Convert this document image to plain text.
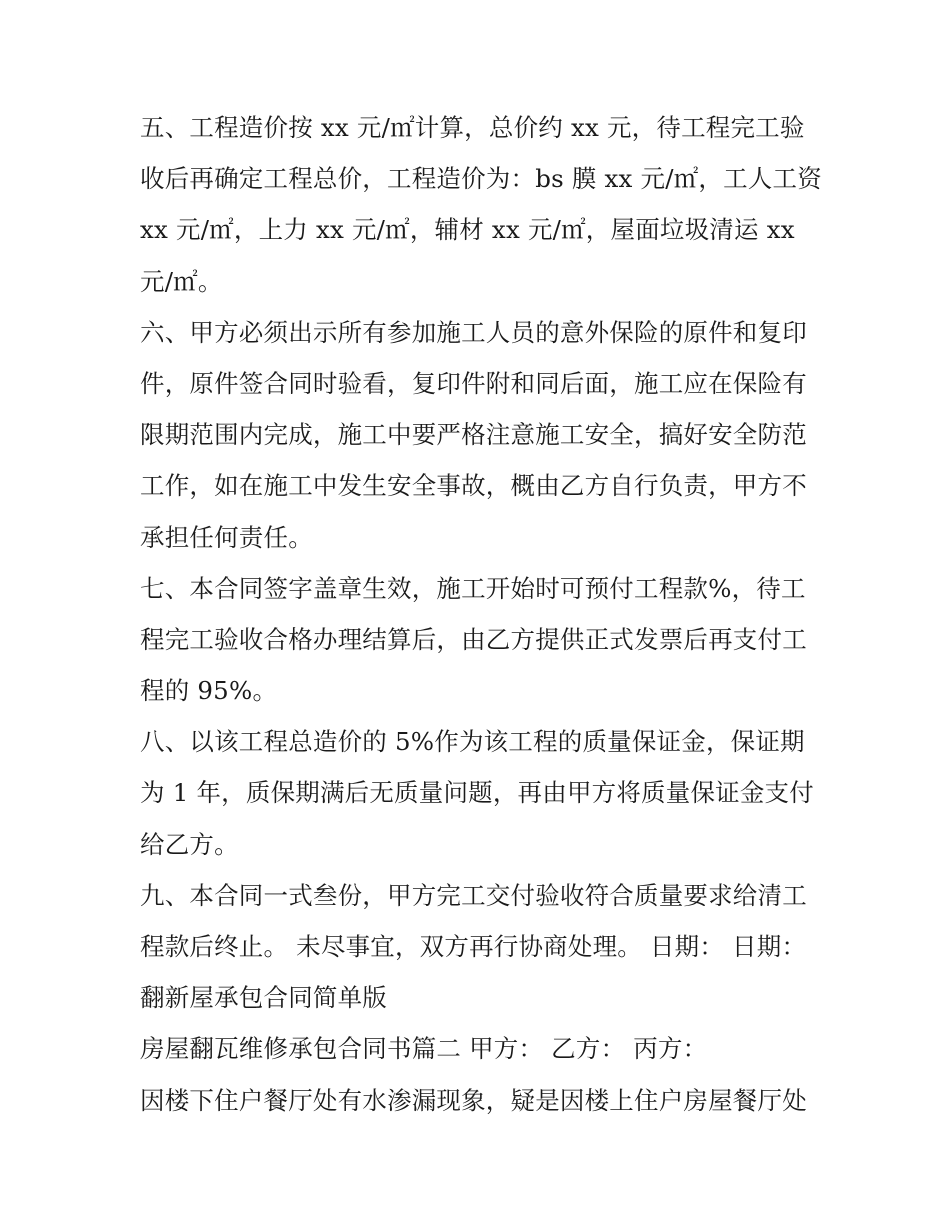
五、工程造价按 xx 元/㎡计算，总价约 xx 元，待工程完工验
收后再确定工程总价，工程造价为：bs 膜 xx 元/㎡，工人工资
xx 元/㎡，上力 xx 元/㎡，辅材 xx 元/㎡，屋面垃圾清运 xx
元/㎡。
六、甲方必须出示所有参加施工人员的意外保险的原件和复印
件，原件签合同时验看，复印件附和同后面，施工应在保险有
限期范围内完成，施工中要严格注意施工安全，搞好安全防范
工作，如在施工中发生安全事故，概由乙方自行负责，甲方不
承担任何责任。
七、本合同签字盖章生效，施工开始时可预付工程款%，待工
程完工验收合格办理结算后，由乙方提供正式发票后再支付工
程的 95%。
八、以该工程总造价的 5%作为该工程的质量保证金，保证期
为 1 年，质保期满后无质量问题，再由甲方将质量保证金支付
给乙方。
九、本合同一式叁份，甲方完工交付验收符合质量要求给清工
程款后终止。 未尽事宜，双方再行协商处理。 日期： 日期：
翻新屋承包合同简单版
房屋翻瓦维修承包合同书篇二 甲方： 乙方： 丙方：
因楼下住户餐厅处有水渗漏现象，疑是因楼上住户房屋餐厅处
